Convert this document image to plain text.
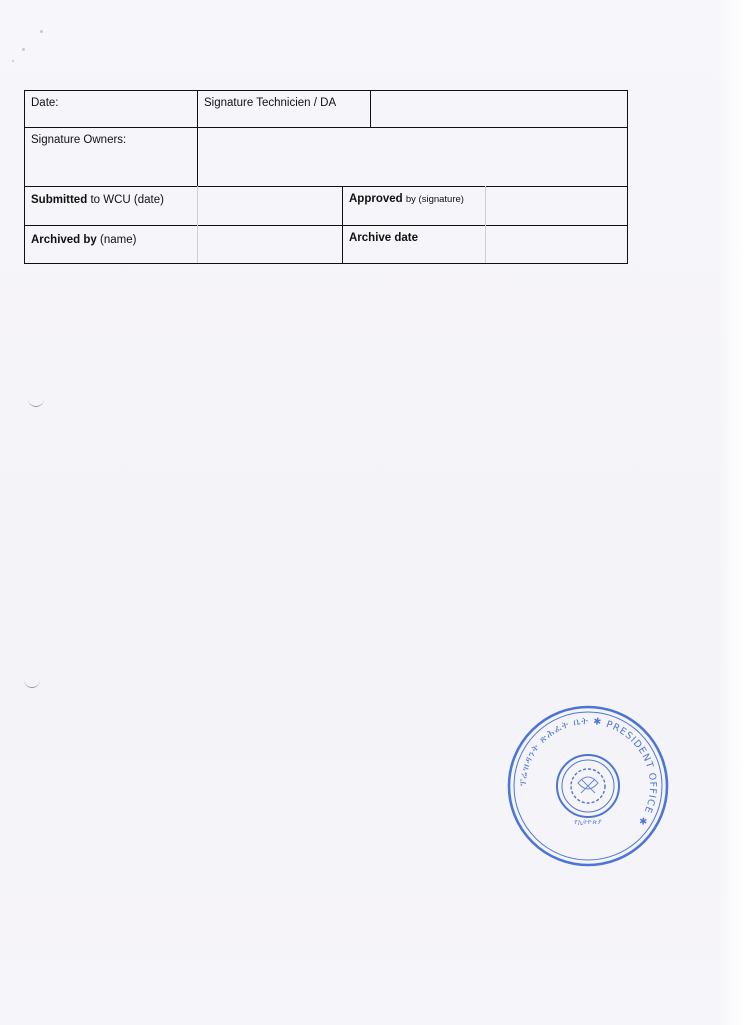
Date:	Signature Technicien / DA
Signature Owners:
Submitted to WCU (date)	Approved by (signature)
Archived by (name)	Archive date
ፕሬዝዳንት ጽሕፈት ቤት ✱ PRESIDENT OFFICE ✱
የኢትዮጵያ
